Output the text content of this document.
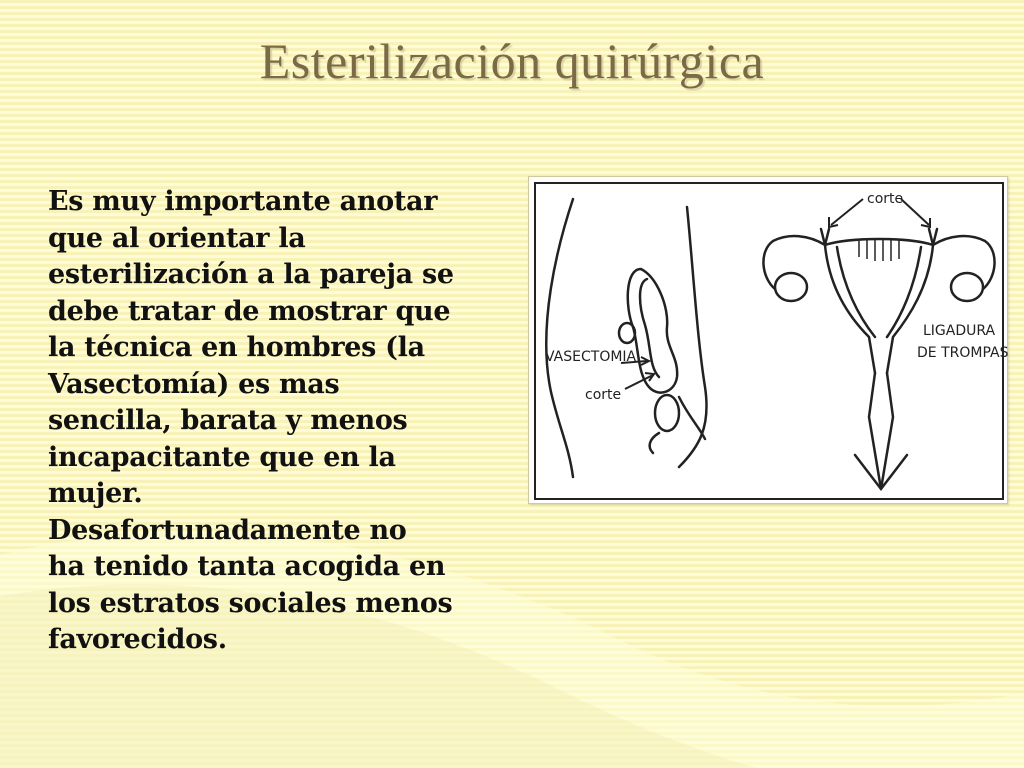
Esterilización quirúrgica
Es muy importante anotar
que al orientar la
esterilización a la pareja se
debe tratar de mostrar que
la técnica en hombres (la
Vasectomía) es mas
sencilla, barata y menos
incapacitante que en la
mujer.
Desafortunadamente no
ha tenido tanta acogida en
los estratos sociales menos
favorecidos.
VASECTOMIA
corte
corte
LIGADURA
DE TROMPAS
